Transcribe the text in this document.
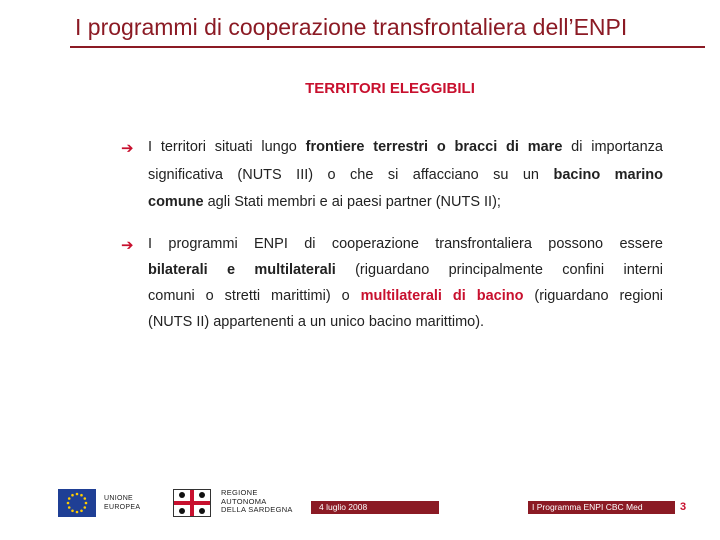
I programmi di cooperazione transfrontaliera dell’ENPI
TERRITORI ELEGGIBILI
➔ I territori situati lungo frontiere terrestri o bracci di mare di importanza
significativa (NUTS III) o che si affacciano su un bacino marino
comune agli Stati membri e ai paesi partner (NUTS II);
➔ I programmi ENPI di cooperazione transfrontaliera possono essere
bilaterali e multilaterali (riguardano principalmente confini interni
comuni o stretti marittimi) o multilaterali di bacino (riguardano regioni
(NUTS II) appartenenti a un unico bacino marittimo).
UNIONE
EUROPEA
REGIONE
AUTONOMA
DELLA SARDEGNA	4 luglio 2008	I Programma ENPI CBC Med	3
